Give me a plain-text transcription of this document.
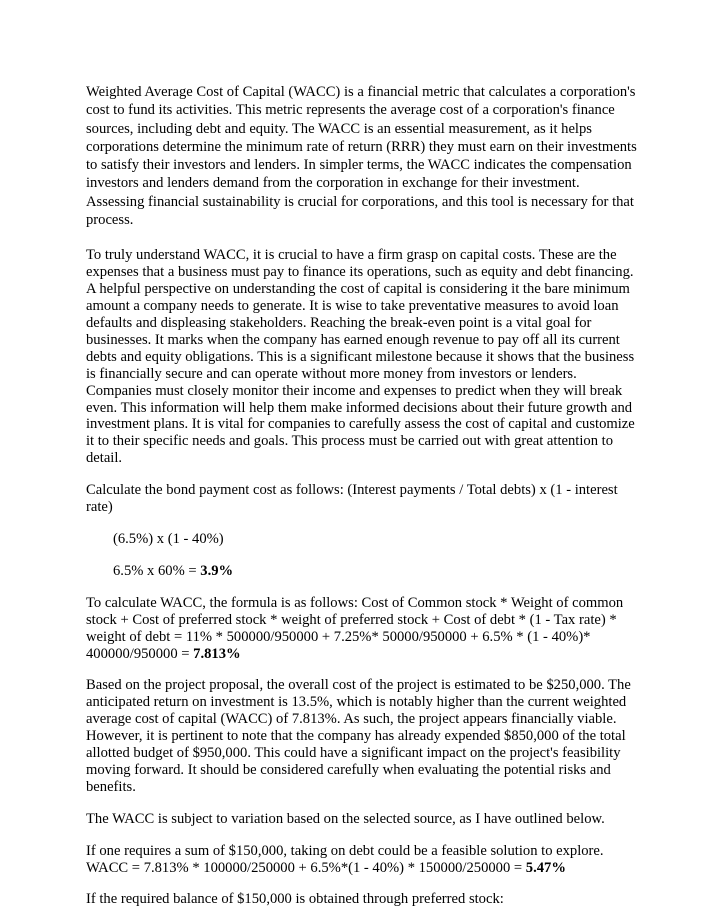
Weighted Average Cost of Capital (WACC) is a financial metric that calculates a corporation's cost to fund its activities. This metric represents the average cost of a corporation's finance sources, including debt and equity. The WACC is an essential measurement, as it helps corporations determine the minimum rate of return (RRR) they must earn on their investments to satisfy their investors and lenders. In simpler terms, the WACC indicates the compensation investors and lenders demand from the corporation in exchange for their investment. Assessing financial sustainability is crucial for corporations, and this tool is necessary for that process.

To truly understand WACC, it is crucial to have a firm grasp on capital costs. These are the expenses that a business must pay to finance its operations, such as equity and debt financing. A helpful perspective on understanding the cost of capital is considering it the bare minimum amount a company needs to generate. It is wise to take preventative measures to avoid loan defaults and displeasing stakeholders. Reaching the break-even point is a vital goal for businesses. It marks when the company has earned enough revenue to pay off all its current debts and equity obligations. This is a significant milestone because it shows that the business is financially secure and can operate without more money from investors or lenders. Companies must closely monitor their income and expenses to predict when they will break even. This information will help them make informed decisions about their future growth and investment plans. It is vital for companies to carefully assess the cost of capital and customize it to their specific needs and goals. This process must be carried out with great attention to detail.

Calculate the bond payment cost as follows: (Interest payments / Total debts) x (1 - interest rate)

(6.5%) x (1 - 40%)

6.5% x 60% = 3.9%

To calculate WACC, the formula is as follows: Cost of Common stock * Weight of common stock + Cost of preferred stock * weight of preferred stock + Cost of debt * (1 - Tax rate) * weight of debt = 11% * 500000/950000 + 7.25%* 50000/950000 + 6.5% * (1 - 40%)* 400000/950000 = 7.813%

Based on the project proposal, the overall cost of the project is estimated to be $250,000. The anticipated return on investment is 13.5%, which is notably higher than the current weighted average cost of capital (WACC) of 7.813%. As such, the project appears financially viable. However, it is pertinent to note that the company has already expended $850,000 of the total allotted budget of $950,000. This could have a significant impact on the project's feasibility moving forward. It should be considered carefully when evaluating the potential risks and benefits.

The WACC is subject to variation based on the selected source, as I have outlined below.

If one requires a sum of $150,000, taking on debt could be a feasible solution to explore. WACC = 7.813% * 100000/250000 + 6.5%*(1 - 40%) * 150000/250000 = 5.47%

If the required balance of $150,000 is obtained through preferred stock:
